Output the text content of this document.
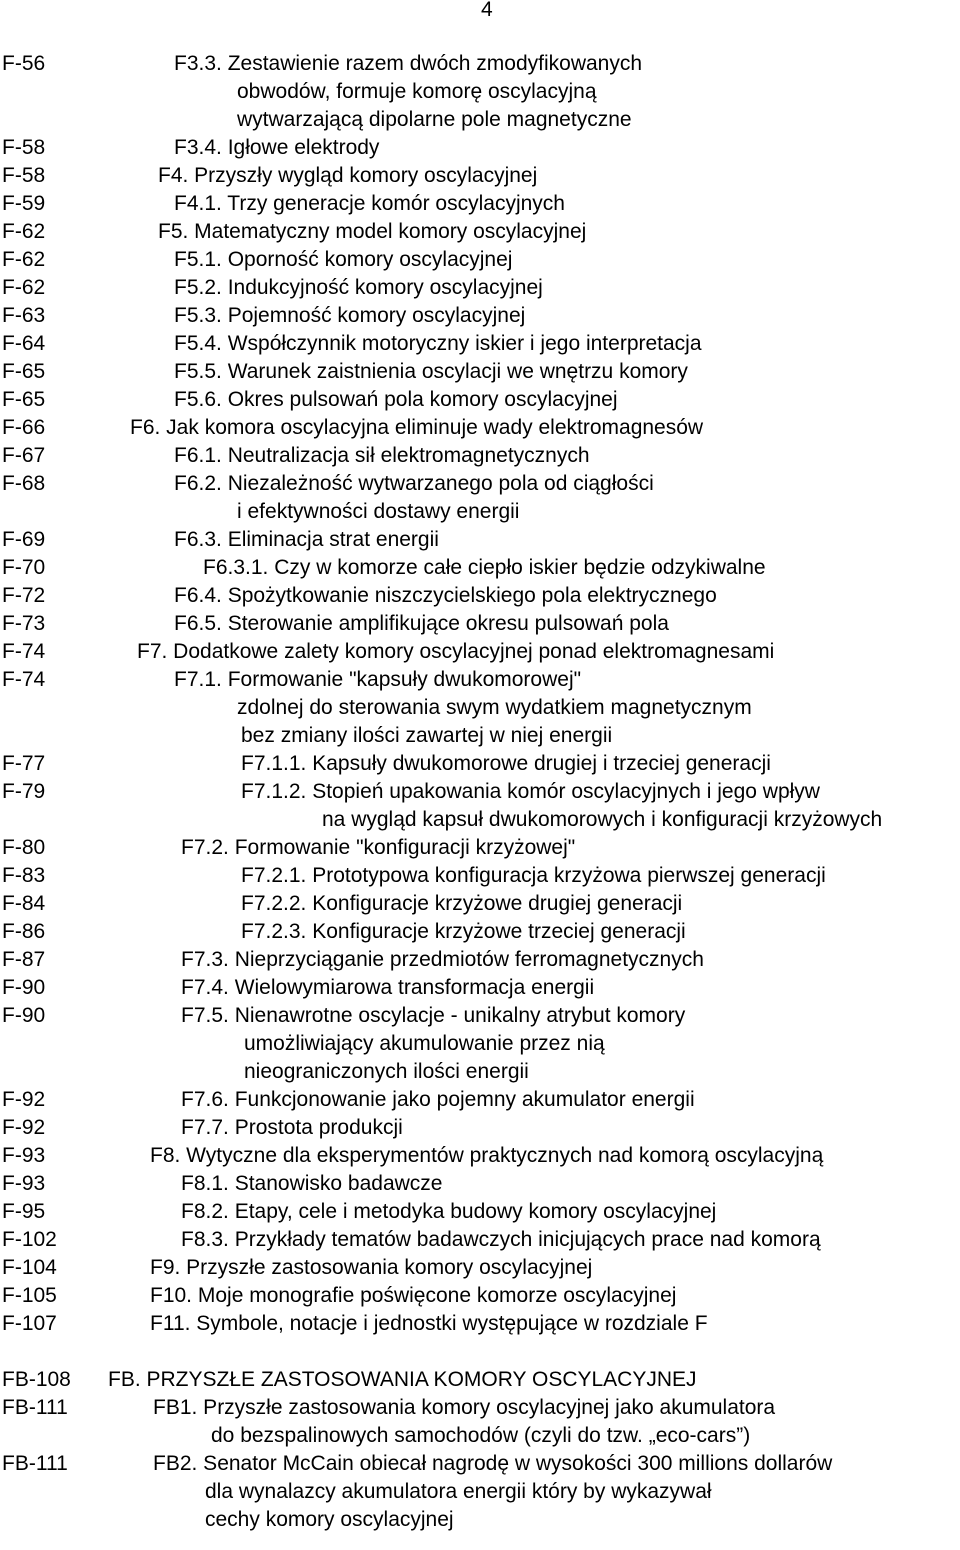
4
F-56	F3.3. Zestawienie razem dwóch zmodyfikowanych
obwodów, formuje komorę oscylacyjną
wytwarzającą dipolarne pole magnetyczne
F-58	F3.4. Igłowe elektrody
F-58	F4. Przyszły wygląd komory oscylacyjnej
F-59	F4.1. Trzy generacje komór oscylacyjnych
F-62	F5. Matematyczny model komory oscylacyjnej
F-62	F5.1. Oporność komory oscylacyjnej
F-62	F5.2. Indukcyjność komory oscylacyjnej
F-63	F5.3. Pojemność komory oscylacyjnej
F-64	F5.4. Współczynnik motoryczny iskier i jego interpretacja
F-65	F5.5. Warunek zaistnienia oscylacji we wnętrzu komory
F-65	F5.6. Okres pulsowań pola komory oscylacyjnej
F-66	F6. Jak komora oscylacyjna eliminuje wady elektromagnesów
F-67	F6.1. Neutralizacja sił elektromagnetycznych
F-68	F6.2. Niezależność wytwarzanego pola od ciągłości
i efektywności dostawy energii
F-69	F6.3. Eliminacja strat energii
F-70	F6.3.1. Czy w komorze całe ciepło iskier będzie odzykiwalne
F-72	F6.4. Spożytkowanie niszczycielskiego pola elektrycznego
F-73	F6.5. Sterowanie amplifikujące okresu pulsowań pola
F-74	F7. Dodatkowe zalety komory oscylacyjnej ponad elektromagnesami
F-74	F7.1. Formowanie "kapsuły dwukomorowej"
zdolnej do sterowania swym wydatkiem magnetycznym
bez zmiany ilości zawartej w niej energii
F-77	F7.1.1. Kapsuły dwukomorowe drugiej i trzeciej generacji
F-79	F7.1.2. Stopień upakowania komór oscylacyjnych i jego wpływ
na wygląd kapsuł dwukomorowych i konfiguracji krzyżowych
F-80	F7.2. Formowanie "konfiguracji krzyżowej"
F-83	F7.2.1. Prototypowa konfiguracja krzyżowa pierwszej generacji
F-84	F7.2.2. Konfiguracje krzyżowe drugiej generacji
F-86	F7.2.3. Konfiguracje krzyżowe trzeciej generacji
F-87	F7.3. Nieprzyciąganie przedmiotów ferromagnetycznych
F-90	F7.4. Wielowymiarowa transformacja energii
F-90	F7.5. Nienawrotne oscylacje - unikalny atrybut komory
umożliwiający akumulowanie przez nią
nieograniczonych ilości energii
F-92	F7.6. Funkcjonowanie jako pojemny akumulator energii
F-92	F7.7. Prostota produkcji
F-93	F8. Wytyczne dla eksperymentów praktycznych nad komorą oscylacyjną
F-93	F8.1. Stanowisko badawcze
F-95	F8.2. Etapy, cele i metodyka budowy komory oscylacyjnej
F-102	F8.3. Przykłady tematów badawczych inicjujących prace nad komorą
F-104	F9. Przyszłe zastosowania komory oscylacyjnej
F-105	F10. Moje monografie poświęcone komorze oscylacyjnej
F-107	F11. Symbole, notacje i jednostki występujące w rozdziale F
FB-108 FB. PRZYSZŁE ZASTOSOWANIA KOMORY OSCYLACYJNEJ
FB-111	FB1. Przyszłe zastosowania komory oscylacyjnej jako akumulatora
do bezspalinowych samochodów (czyli do tzw. „eco-cars”)
FB-111	FB2. Senator McCain obiecał nagrodę w wysokości 300 millions dollarów
dla wynalazcy akumulatora energii który by wykazywał
cechy komory oscylacyjnej
